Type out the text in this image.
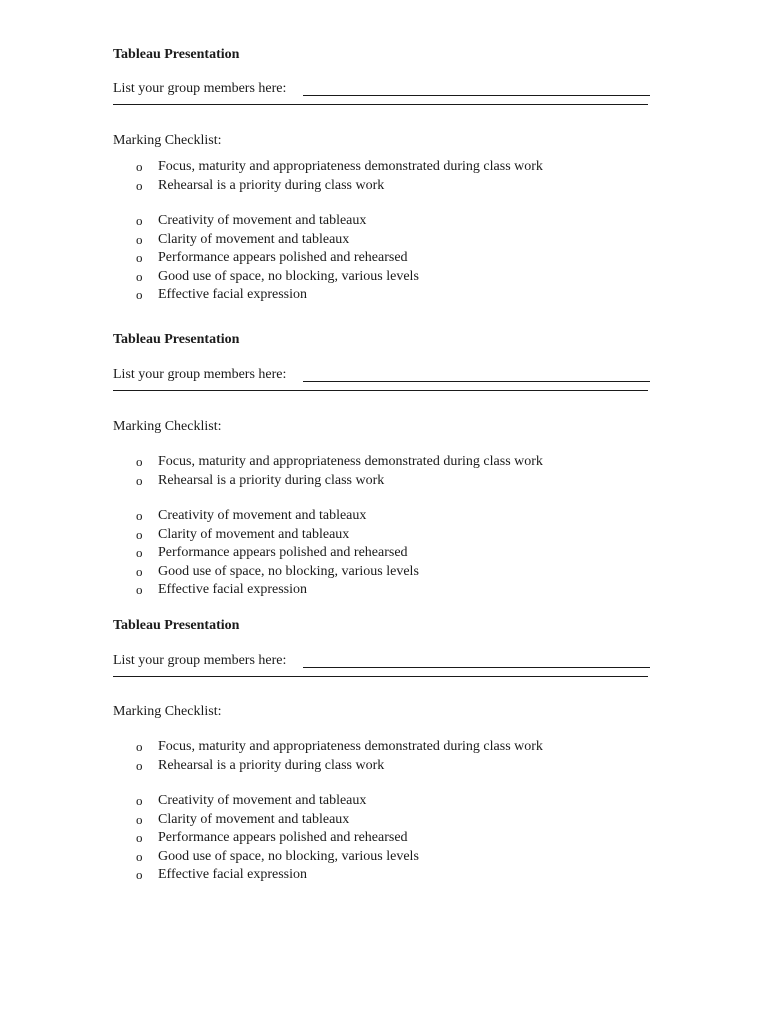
Tableau Presentation
List your group members here:
Marking Checklist:
o Focus, maturity and appropriateness demonstrated during class work
o Rehearsal is a priority during class work
o Creativity of movement and tableaux
o Clarity of movement and tableaux
o Performance appears polished and rehearsed
o Good use of space, no blocking, various levels
o Effective facial expression
Tableau Presentation
List your group members here:
Marking Checklist:
o Focus, maturity and appropriateness demonstrated during class work
o Rehearsal is a priority during class work
o Creativity of movement and tableaux
o Clarity of movement and tableaux
o Performance appears polished and rehearsed
o Good use of space, no blocking, various levels
o Effective facial expression
Tableau Presentation
List your group members here:
Marking Checklist:
o Focus, maturity and appropriateness demonstrated during class work
o Rehearsal is a priority during class work
o Creativity of movement and tableaux
o Clarity of movement and tableaux
o Performance appears polished and rehearsed
o Good use of space, no blocking, various levels
o Effective facial expression
